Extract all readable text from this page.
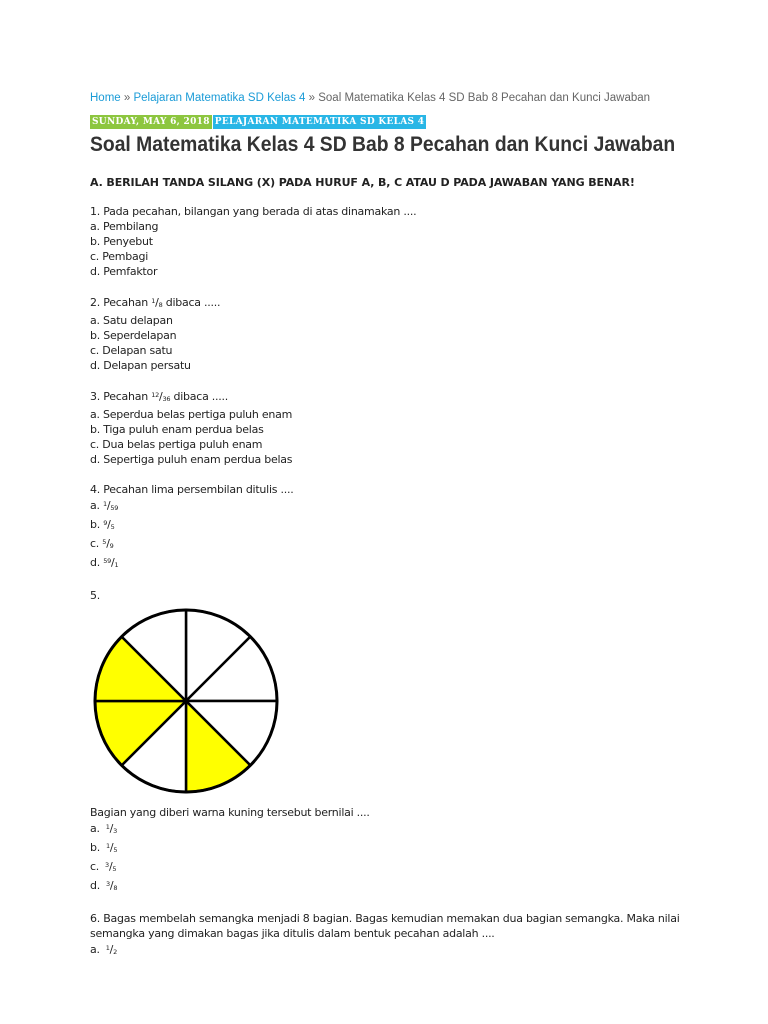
Home » Pelajaran Matematika SD Kelas 4 » Soal Matematika Kelas 4 SD Bab 8 Pecahan dan Kunci Jawaban
SUNDAY, MAY 6, 2018 PELAJARAN MATEMATIKA SD KELAS 4
Soal Matematika Kelas 4 SD Bab 8 Pecahan dan Kunci Jawaban
A. BERILAH TANDA SILANG (X) PADA HURUF A, B, C ATAU D PADA JAWABAN YANG BENAR!
1. Pada pecahan, bilangan yang berada di atas dinamakan ....
a. Pembilang
b. Penyebut
c. Pembagi
d. Pemfaktor
2. Pecahan $^1$/8 dibaca .....
a. Satu delapan
b. Seperdelapan
c. Delapan satu
d. Delapan persatu
3. Pecahan $^{12}$/36 dibaca .....
a. Seperdua belas pertiga puluh enam
b. Tiga puluh enam perdua belas
c. Dua belas pertiga puluh enam
d. Sepertiga puluh enam perdua belas
4. Pecahan lima persembilan ditulis ....
a. $^1$/59
b. $^9$/5
c. $^5$/9
d. $^{59}$/1
5.
Bagian yang diberi warna kuning tersebut bernilai ....
a. $^1$/3
b. $^1$/5
c. $^3$/5
d. $^3$/8
6. Bagas membelah semangka menjadi 8 bagian. Bagas kemudian memakan dua bagian semangka. Maka nilai semangka yang dimakan bagas jika ditulis dalam bentuk pecahan adalah ....
a. $^1$/2
